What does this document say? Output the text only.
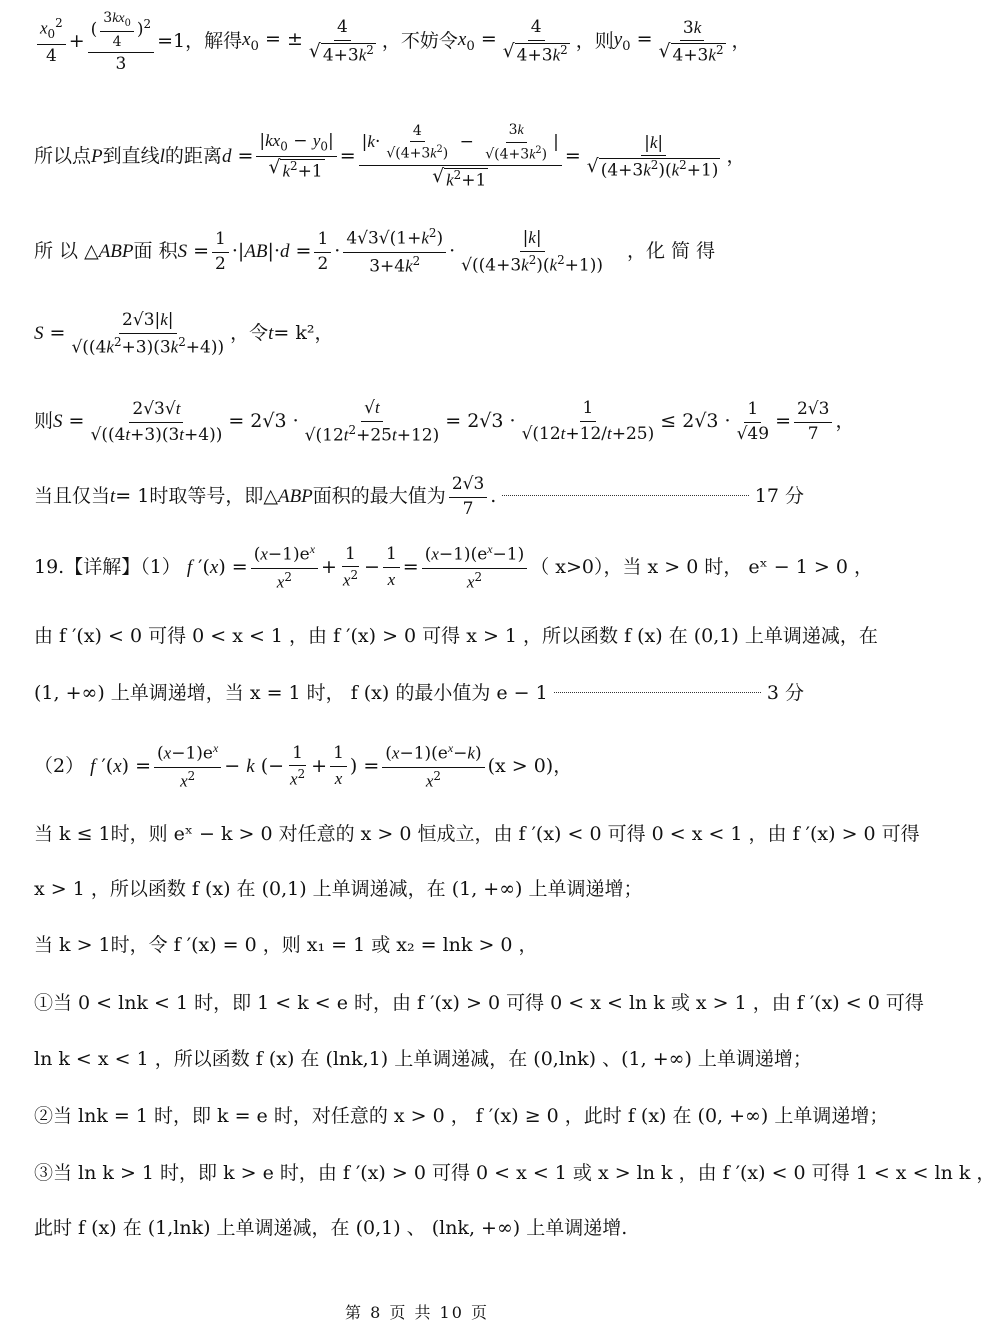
$\frac{x_0^2}{4} + \frac{( \frac{3kx_0}{4} )^2}{3} =1$，解得 $x_0$ = ± $\frac{4}{√ 4+3k^2}$ ，不妨令 $x_0 = \frac{4}{√ 4+3k^2}$ ，则 $y_0 = \frac{3k}{√ 4+3k^2}$ ，
所以点 P 到直线 l 的距离 $d = \frac{|kx_0 - y_0|}{√ k^2+1} = \frac{|k\cdot \frac{4}{√(4+3k^2)} - \frac{3k}{√(4+3k^2)} |}{√ k^2+1} = \frac{|k|}{√ (4+3k^2)(k^2+1)}$ ，
所 以 △ ABP 面 积 $S = \frac{1}{2} \cdot|AB|\cdot d = \frac{1}{2} \cdot \frac{4√3√(1+k^2)}{3+4k^2} \cdot \frac{|k|}{√((4+3k^2)(k^2+1))}$ ，化 简 得
$S = \frac{2√3|k|}{√((4k^2+3)(3k^2+4))}$ ，令 t = k²，
则 $S = \frac{2√3√t}{√((4t+3)(3t+4))} = 2√3 \cdot \frac{√t}{√(12t^2+25t+12)} = 2√3 \cdot \frac{1}{√(12t+12/t+25)} \le 2√3 \cdot \frac{1}{√49} = \frac{2√3}{7}$ ，
当且仅当 t = 1时取等号，即△ ABP 面积的最大值为 $\frac{2√3}{7}$ .	17 分
19.【详解】（1） f $'(x) = \frac{(x-1)e^x}{x^2} + \frac{1}{x^2} - \frac{1}{x} = \frac{(x-1)(e^x-1)}{x^2}$ （ x>0），当 x > 0 时， eˣ − 1 > 0 ，
由 f ′(x) < 0 可得 0 < x < 1 ，由 f ′(x) > 0 可得 x > 1 ，所以函数 f (x) 在 (0,1) 上单调递减，在
(1, +∞) 上单调递增，当 x = 1 时， f (x) 的最小值为 e − 1	3 分
（2） f $'(x) = \frac{(x-1)e^x}{x^2} - k$ (− $\frac{1}{x^2} + \frac{1}{x}$ ) = $\frac{(x-1)(e^x-k)}{x^2} (x > 0)$，
当 k ≤ 1时，则 eˣ − k > 0 对任意的 x > 0 恒成立，由 f ′(x) < 0 可得 0 < x < 1 ，由 f ′(x) > 0 可得
x > 1 ，所以函数 f (x) 在 (0,1) 上单调递减，在 (1, +∞) 上单调递增；
当 k > 1时，令 f ′(x) = 0 ，则 x₁ = 1 或 x₂ = lnk > 0 ，
①当 0 < lnk < 1 时，即 1 < k < e 时，由 f ′(x) > 0 可得 0 < x < ln k 或 x > 1 ，由 f ′(x) < 0 可得
ln k < x < 1 ，所以函数 f (x) 在 (lnk,1) 上单调递减，在 (0,lnk) 、(1, +∞) 上单调递增；
②当 lnk = 1 时，即 k = e 时，对任意的 x > 0 ， f ′(x) ≥ 0 ，此时 f (x) 在 (0, +∞) 上单调递增；
③当 ln k > 1 时，即 k > e 时，由 f ′(x) > 0 可得 0 < x < 1 或 x > ln k ，由 f ′(x) < 0 可得 1 < x < ln k ，
此时 f (x) 在 (1,lnk) 上单调递减，在 (0,1) 、 (lnk, +∞) 上单调递增.
第 8 页 共 10 页
